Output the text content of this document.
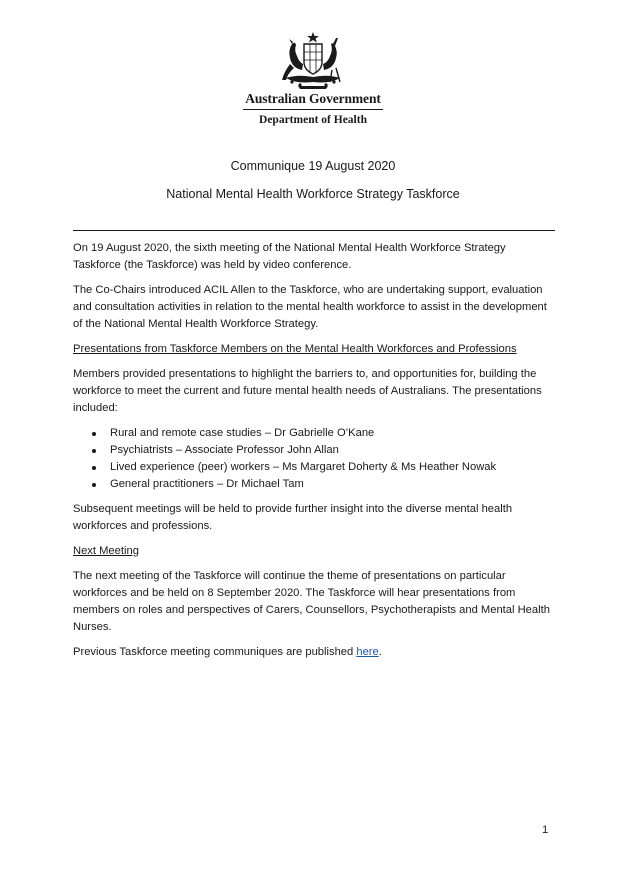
Australian Government
Department of Health
Communique 19 August 2020
National Mental Health Workforce Strategy Taskforce

On 19 August 2020, the sixth meeting of the National Mental Health Workforce Strategy Taskforce (the Taskforce) was held by video conference.

The Co-Chairs introduced ACIL Allen to the Taskforce, who are undertaking support, evaluation and consultation activities in relation to the mental health workforce to assist in the development of the National Mental Health Workforce Strategy.

Presentations from Taskforce Members on the Mental Health Workforces and Professions

Members provided presentations to highlight the barriers to, and opportunities for, building the workforce to meet the current and future mental health needs of Australians. The presentations included:

Rural and remote case studies – Dr Gabrielle O’Kane
Psychiatrists – Associate Professor John Allan
Lived experience (peer) workers – Ms Margaret Doherty & Ms Heather Nowak
General practitioners – Dr Michael Tam

Subsequent meetings will be held to provide further insight into the diverse mental health workforces and professions.

Next Meeting

The next meeting of the Taskforce will continue the theme of presentations on particular workforces and be held on 8 September 2020. The Taskforce will hear presentations from members on roles and perspectives of Carers, Counsellors, Psychotherapists and Mental Health Nurses.

Previous Taskforce meeting communiques are published here.

1
